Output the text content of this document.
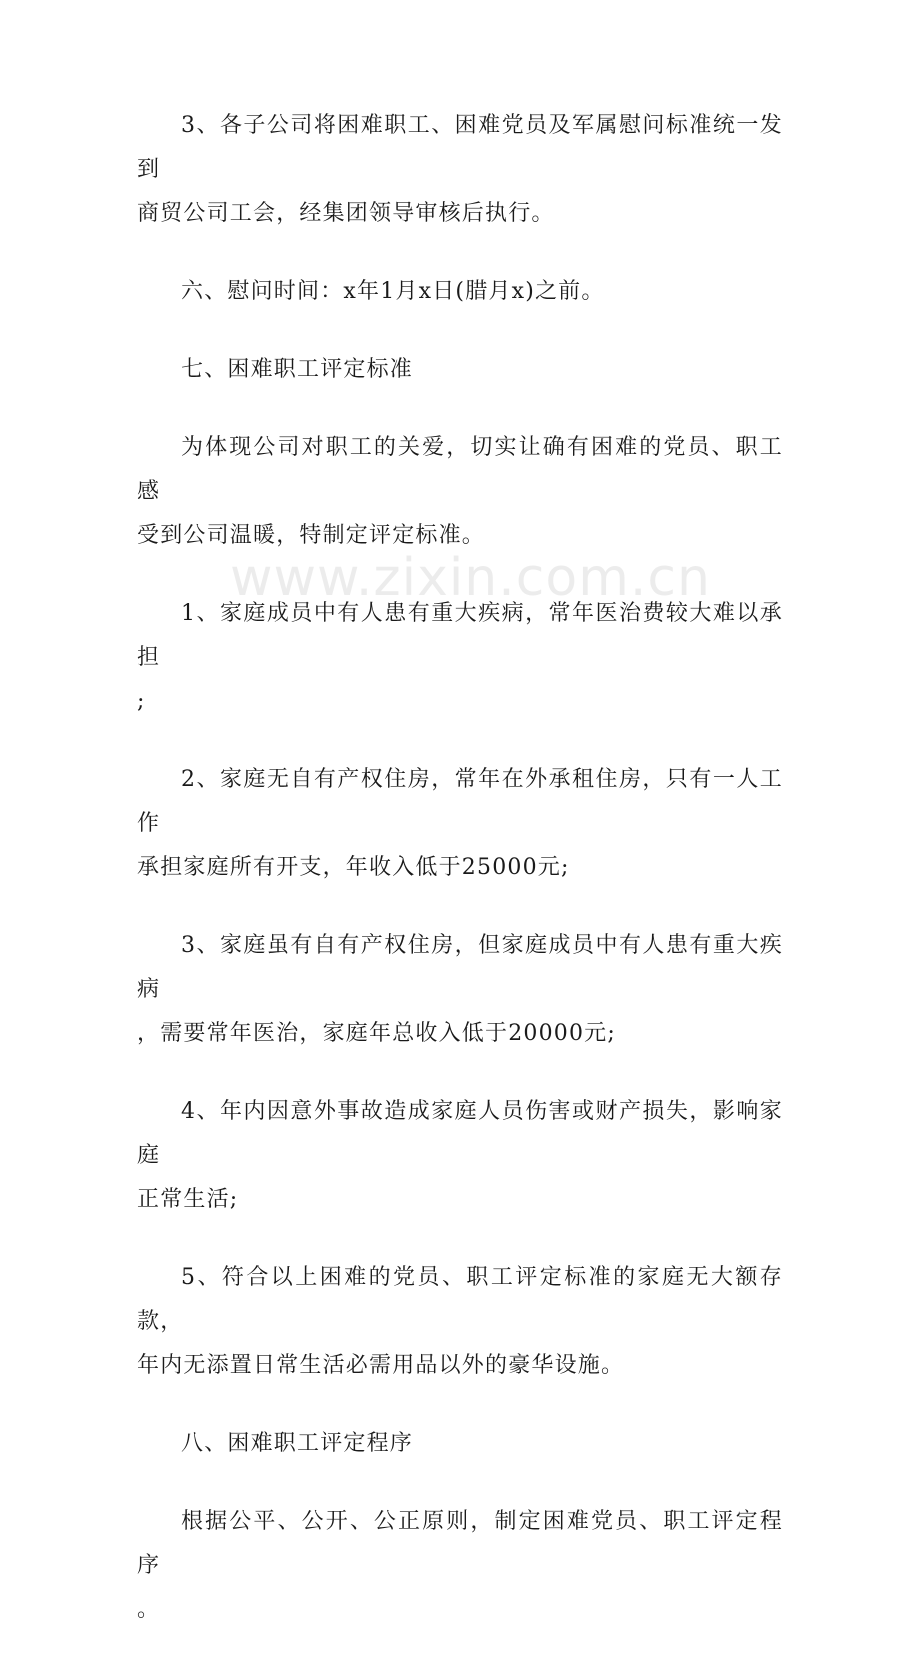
3、各子公司将困难职工、困难党员及军属慰问标准统一发到
商贸公司工会，经集团领导审核后执行。

六、慰问时间：x年1月x日(腊月x)之前。

七、困难职工评定标准

为体现公司对职工的关爱，切实让确有困难的党员、职工感
受到公司温暖，特制定评定标准。

1、家庭成员中有人患有重大疾病，常年医治费较大难以承担
;

2、家庭无自有产权住房，常年在外承租住房，只有一人工作
承担家庭所有开支，年收入低于25000元;

3、家庭虽有自有产权住房，但家庭成员中有人患有重大疾病
，需要常年医治，家庭年总收入低于20000元;

4、年内因意外事故造成家庭人员伤害或财产损失，影响家庭
正常生活;

5、符合以上困难的党员、职工评定标准的家庭无大额存款，
年内无添置日常生活必需用品以外的豪华设施。

八、困难职工评定程序

根据公平、公开、公正原则，制定困难党员、职工评定程序
。

www.zixin.com.cn
